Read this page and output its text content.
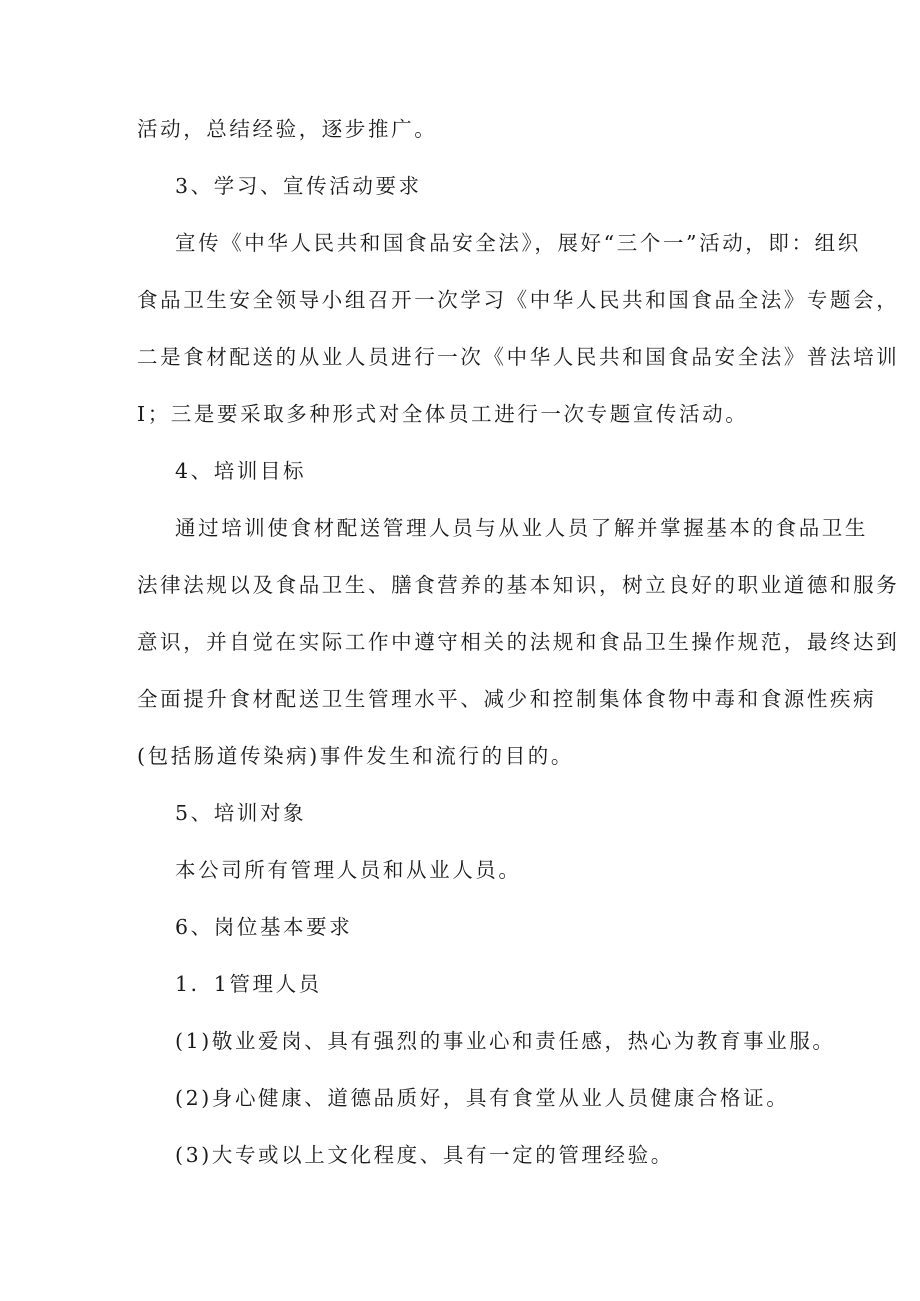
活动，总结经验，逐步推广。

3、学习、宣传活动要求

宣传《中华人民共和国食品安全法》，展好“三个一”活动，即：组织

食品卫生安全领导小组召开一次学习《中华人民共和国食品全法》专题会，

二是食材配送的从业人员进行一次《中华人民共和国食品安全法》普法培训

I；三是要采取多种形式对全体员工进行一次专题宣传活动。

4、培训目标

通过培训使食材配送管理人员与从业人员了解并掌握基本的食品卫生

法律法规以及食品卫生、膳食营养的基本知识，树立良好的职业道德和服务

意识，并自觉在实际工作中遵守相关的法规和食品卫生操作规范，最终达到

全面提升食材配送卫生管理水平、减少和控制集体食物中毒和食源性疾病

(包括肠道传染病)事件发生和流行的目的。

5、培训对象

本公司所有管理人员和从业人员。

6、岗位基本要求

1．1管理人员

(1)敬业爱岗、具有强烈的事业心和责任感，热心为教育事业服。

(2)身心健康、道德品质好，具有食堂从业人员健康合格证。

(3)大专或以上文化程度、具有一定的管理经验。
